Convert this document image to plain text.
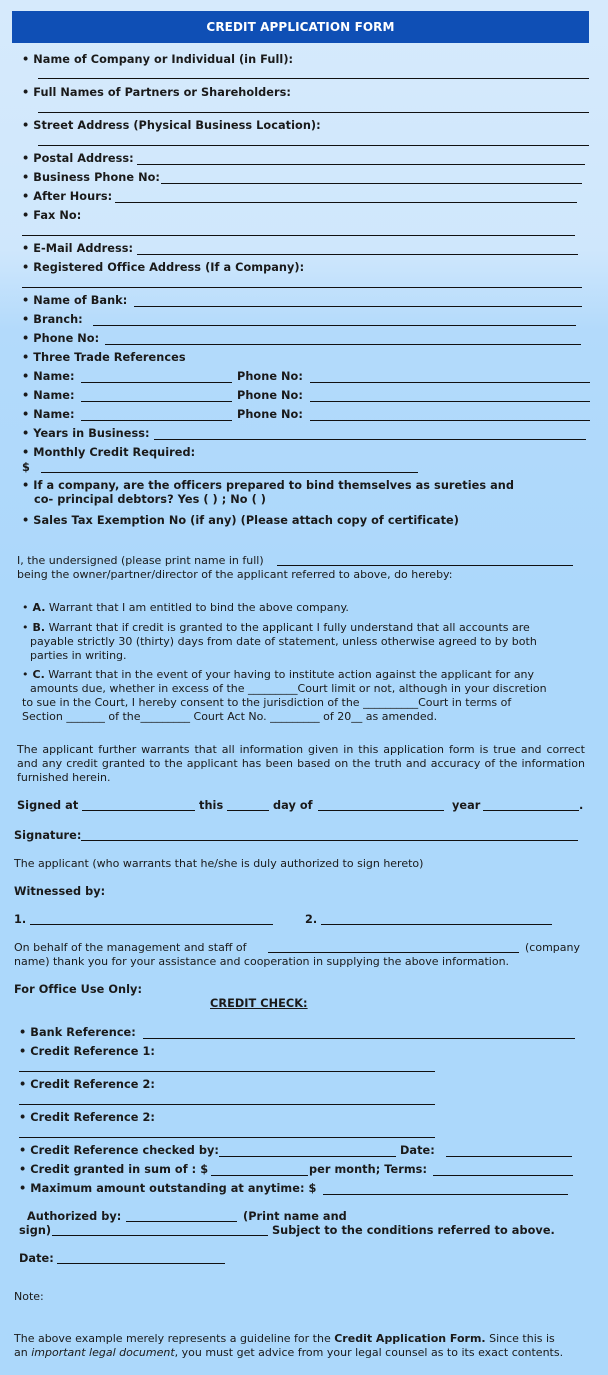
CREDIT APPLICATION FORM
• Name of Company or Individual (in Full):
• Full Names of Partners or Shareholders:
• Street Address (Physical Business Location):
• Postal Address:
• Business Phone No:
• After Hours:
• Fax No:
• E-Mail Address:
• Registered Office Address (If a Company):
• Name of Bank:
• Branch:
• Phone No:
• Three Trade References
• Name:	Phone No:
• Name:	Phone No:
• Name:	Phone No:
• Years in Business:
• Monthly Credit Required:
$
• If a company, are the officers prepared to bind themselves as sureties and
co- principal debtors? Yes ( ) ; No ( )
• Sales Tax Exemption No (if any) (Please attach copy of certificate)
I, the undersigned (please print name in full)
being the owner/partner/director of the applicant referred to above, do hereby:
• A. Warrant that I am entitled to bind the above company.
• B. Warrant that if credit is granted to the applicant I fully understand that all accounts are
payable strictly 30 (thirty) days from date of statement, unless otherwise agreed to by both
parties in writing.
• C. Warrant that in the event of your having to institute action against the applicant for any
amounts due, whether in excess of the _________Court limit or not, although in your discretion
to sue in the Court, I hereby consent to the jurisdiction of the __________Court in terms of
Section _______ of the_________ Court Act No. _________ of 20__ as amended.
The applicant further warrants that all information given in this application form is true and correct and any credit granted to the applicant has been based on the truth and accuracy of the information furnished herein.
Signed at	this	day of	year	.
Signature:
The applicant (who warrants that he/she is duly authorized to sign hereto)
Witnessed by:
1.	2.
On behalf of the management and staff of	(company
name) thank you for your assistance and cooperation in supplying the above information.
For Office Use Only:
CREDIT CHECK:
• Bank Reference:
• Credit Reference 1:
• Credit Reference 2:
• Credit Reference 2:
• Credit Reference checked by:	Date:
• Credit granted in sum of : $	per month; Terms:
• Maximum amount outstanding at anytime: $
Authorized by:	(Print name and
sign)	Subject to the conditions referred to above.
Date:
Note:
The above example merely represents a guideline for the Credit Application Form. Since this is
an important legal document, you must get advice from your legal counsel as to its exact contents.
